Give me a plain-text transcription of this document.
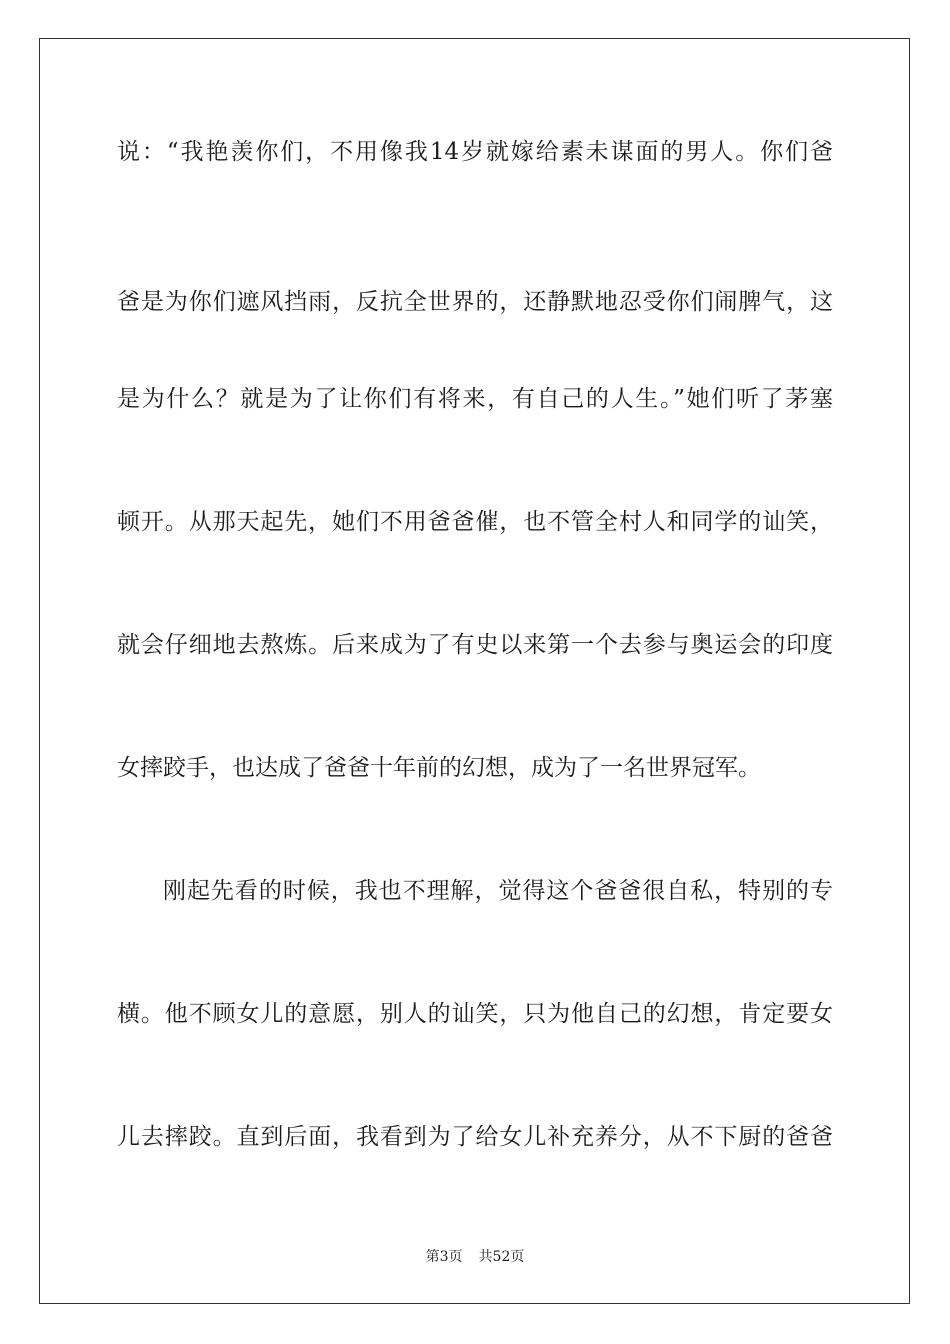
说：“我艳羡你们，不用像我14岁就嫁给素未谋面的男人。你们爸
爸是为你们遮风挡雨，反抗全世界的，还静默地忍受你们闹脾气，这
是为什么？就是为了让你们有将来，有自己的人生。”她们听了茅塞
顿开。从那天起先，她们不用爸爸催，也不管全村人和同学的讪笑，
就会仔细地去熬炼。后来成为了有史以来第一个去参与奥运会的印度
女摔跤手，也达成了爸爸十年前的幻想，成为了一名世界冠军。
刚起先看的时候，我也不理解，觉得这个爸爸很自私，特别的专
横。他不顾女儿的意愿，别人的讪笑，只为他自己的幻想，肯定要女
儿去摔跤。直到后面，我看到为了给女儿补充养分，从不下厨的爸爸
第3页 共52页
